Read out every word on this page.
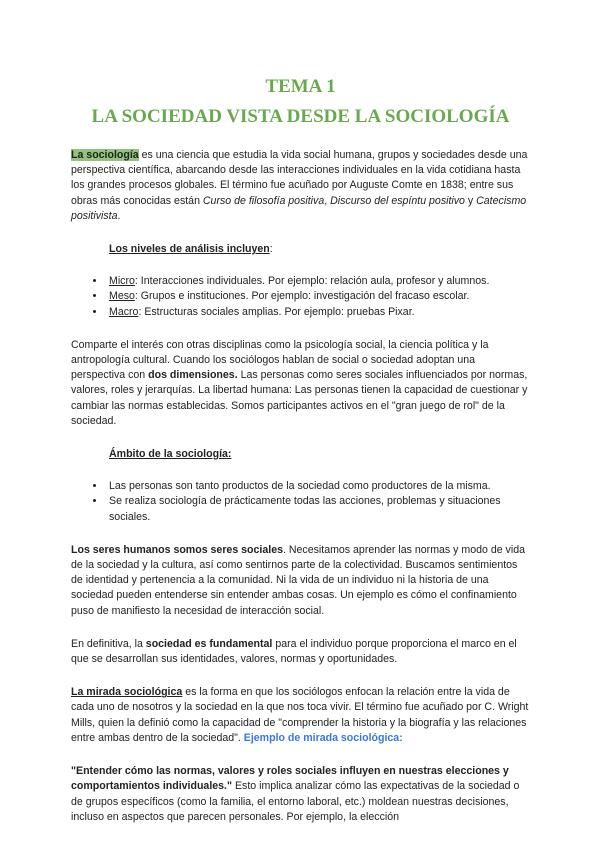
TEMA 1
LA SOCIEDAD VISTA DESDE LA SOCIOLOGÍA

La sociología es una ciencia que estudia la vida social humana, grupos y sociedades desde una perspectiva científica, abarcando desde las interacciones individuales en la vida cotidiana hasta los grandes procesos globales. El término fue acuñado por Auguste Comte en 1838; entre sus obras más conocidas están Curso de filosofía positiva, Discurso del espíntu positivo y Catecismo positivista.

Los niveles de análisis incluyen:

• Micro: Interacciones individuales. Por ejemplo: relación aula, profesor y alumnos.
• Meso: Grupos e instituciones. Por ejemplo: investigación del fracaso escolar.
• Macro: Estructuras sociales amplias. Por ejemplo: pruebas Pixar.

Comparte el interés con otras disciplinas como la psicología social, la ciencia política y la antropología cultural. Cuando los sociólogos hablan de social o sociedad adoptan una perspectiva con dos dimensiones. Las personas como seres sociales influenciados por normas, valores, roles y jerarquías. La libertad humana: Las personas tienen la capacidad de cuestionar y cambiar las normas establecidas. Somos participantes activos en el "gran juego de rol" de la sociedad.

Ámbito de la sociología:

• Las personas son tanto productos de la sociedad como productores de la misma.
• Se realiza sociología de prácticamente todas las acciones, problemas y situaciones sociales.

Los seres humanos somos seres sociales. Necesitamos aprender las normas y modo de vida de la sociedad y la cultura, así como sentirnos parte de la colectividad. Buscamos sentimientos de identidad y pertenencia a la comunidad. Ni la vida de un individuo ni la historia de una sociedad pueden entenderse sin entender ambas cosas. Un ejemplo es cómo el confinamiento puso de manifiesto la necesidad de interacción social.

En definitiva, la sociedad es fundamental para el individuo porque proporciona el marco en el que se desarrollan sus identidades, valores, normas y oportunidades.

La mirada sociológica es la forma en que los sociólogos enfocan la relación entre la vida de cada uno de nosotros y la sociedad en la que nos toca vivir. El término fue acuñado por C. Wright Mills, quien la definió como la capacidad de "comprender la historia y la biografía y las relaciones entre ambas dentro de la sociedad". Ejemplo de mirada sociológica:

"Entender cómo las normas, valores y roles sociales influyen en nuestras elecciones y comportamientos individuales." Esto implica analizar cómo las expectativas de la sociedad o de grupos específicos (como la familia, el entorno laboral, etc.) moldean nuestras decisiones, incluso en aspectos que parecen personales. Por ejemplo, la elección
